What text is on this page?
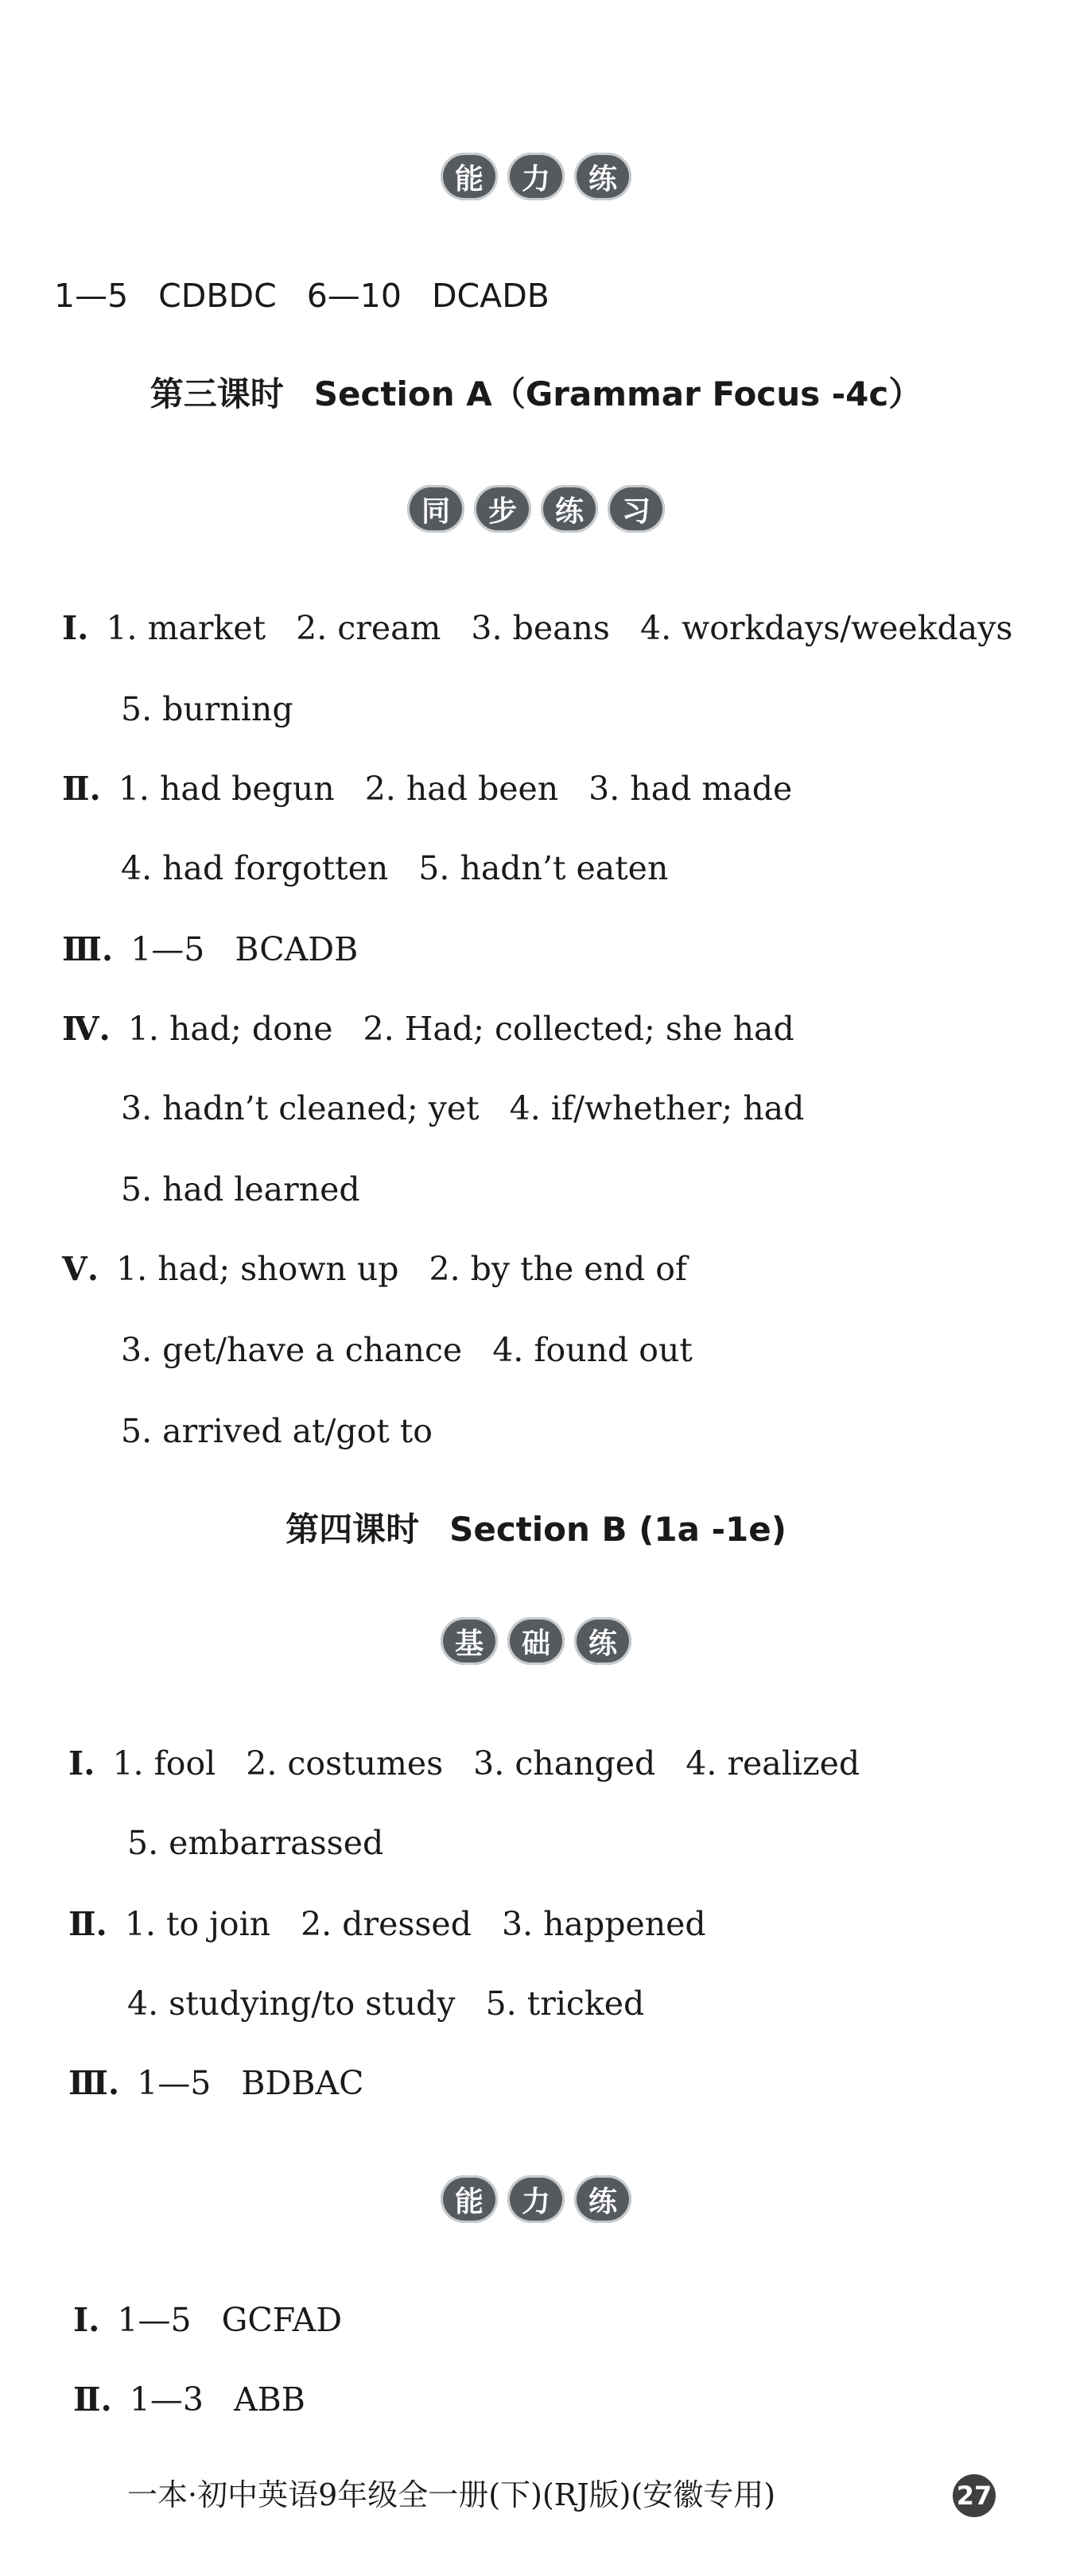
能	力	练
1—5 CDBDC 6—10 DCADB
第三课时 Section A（Grammar Focus -4c）
同	步	练	习
Ⅰ. 1. market 2. cream 3. beans 4. workdays/weekdays
5. burning
Ⅱ. 1. had begun 2. had been 3. had made
4. had forgotten 5. hadn’t eaten
Ⅲ. 1—5 BCADB
Ⅳ. 1. had; done 2. Had; collected; she had
3. hadn’t cleaned; yet 4. if/whether; had
5. had learned
Ⅴ. 1. had; shown up 2. by the end of
3. get/have a chance 4. found out
5. arrived at/got to
第四课时 Section B (1a -1e)
基	础	练
Ⅰ. 1. fool 2. costumes 3. changed 4. realized
5. embarrassed
Ⅱ. 1. to join 2. dressed 3. happened
4. studying/to study 5. tricked
Ⅲ. 1—5 BDBAC
能	力	练
Ⅰ. 1—5 GCFAD
Ⅱ. 1—3 ABB
一本·初中英语9年级全一册(下)(RJ版)(安徽专用)	27
